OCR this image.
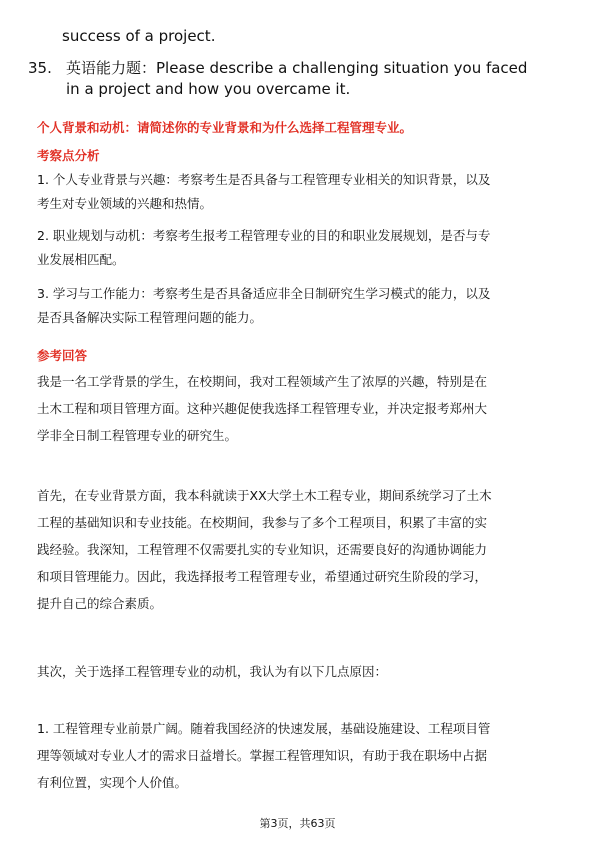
success of a project.
35. 英语能力题：Please describe a challenging situation you faced
in a project and how you overcame it.
个人背景和动机：请简述你的专业背景和为什么选择工程管理专业。
考察点分析
1. 个人专业背景与兴趣：考察考生是否具备与工程管理专业相关的知识背景，以及
考生对专业领域的兴趣和热情。
2. 职业规划与动机：考察考生报考工程管理专业的目的和职业发展规划，是否与专
业发展相匹配。
3. 学习与工作能力：考察考生是否具备适应非全日制研究生学习模式的能力，以及
是否具备解决实际工程管理问题的能力。
参考回答
我是一名工学背景的学生，在校期间，我对工程领域产生了浓厚的兴趣，特别是在
土木工程和项目管理方面。这种兴趣促使我选择工程管理专业，并决定报考郑州大
学非全日制工程管理专业的研究生。
首先，在专业背景方面，我本科就读于XX大学土木工程专业，期间系统学习了土木
工程的基础知识和专业技能。在校期间，我参与了多个工程项目，积累了丰富的实
践经验。我深知，工程管理不仅需要扎实的专业知识，还需要良好的沟通协调能力
和项目管理能力。因此，我选择报考工程管理专业，希望通过研究生阶段的学习，
提升自己的综合素质。
其次，关于选择工程管理专业的动机，我认为有以下几点原因：
1. 工程管理专业前景广阔。随着我国经济的快速发展，基础设施建设、工程项目管
理等领域对专业人才的需求日益增长。掌握工程管理知识，有助于我在职场中占据
有利位置，实现个人价值。
第3页，共63页
